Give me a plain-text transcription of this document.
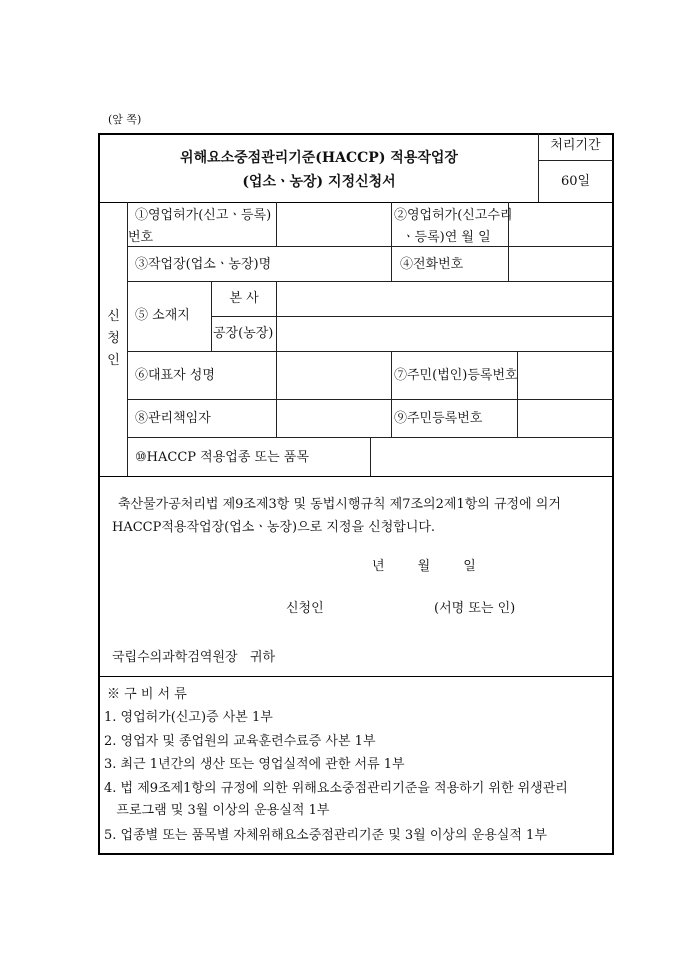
(앞 쪽)
위해요소중점관리기준(HACCP) 적용작업장
(업소ㆍ농장) 지정신청서
처리기간
60일
신
청
인
①영업허가(신고ㆍ등록)
번호
②영업허가(신고수리
ㆍ등록)연 월 일
③작업장(업소ㆍ농장)명	④전화번호
⑤ 소재지
본 사
공장(농장)
⑥대표자 성명	⑦주민(법인)등록번호
⑧관리책임자	⑨주민등록번호
⑩HACCP 적용업종 또는 품목
축산물가공처리법 제9조제3항 및 동법시행규칙 제7조의2제1항의 규정에 의거
HACCP적용작업장(업소ㆍ농장)으로 지정을 신청합니다.
년        월        일
신청인	(서명 또는 인)
국립수의과학검역원장   귀하
※ 구 비 서 류
1. 영업허가(신고)증 사본 1부
2. 영업자 및 종업원의 교육훈련수료증 사본 1부
3. 최근 1년간의 생산 또는 영업실적에 관한 서류 1부
4. 법 제9조제1항의 규정에 의한 위해요소중점관리기준을 적용하기 위한 위생관리
프로그램 및 3월 이상의 운용실적 1부
5. 업종별 또는 품목별 자체위해요소중점관리기준 및 3월 이상의 운용실적 1부
